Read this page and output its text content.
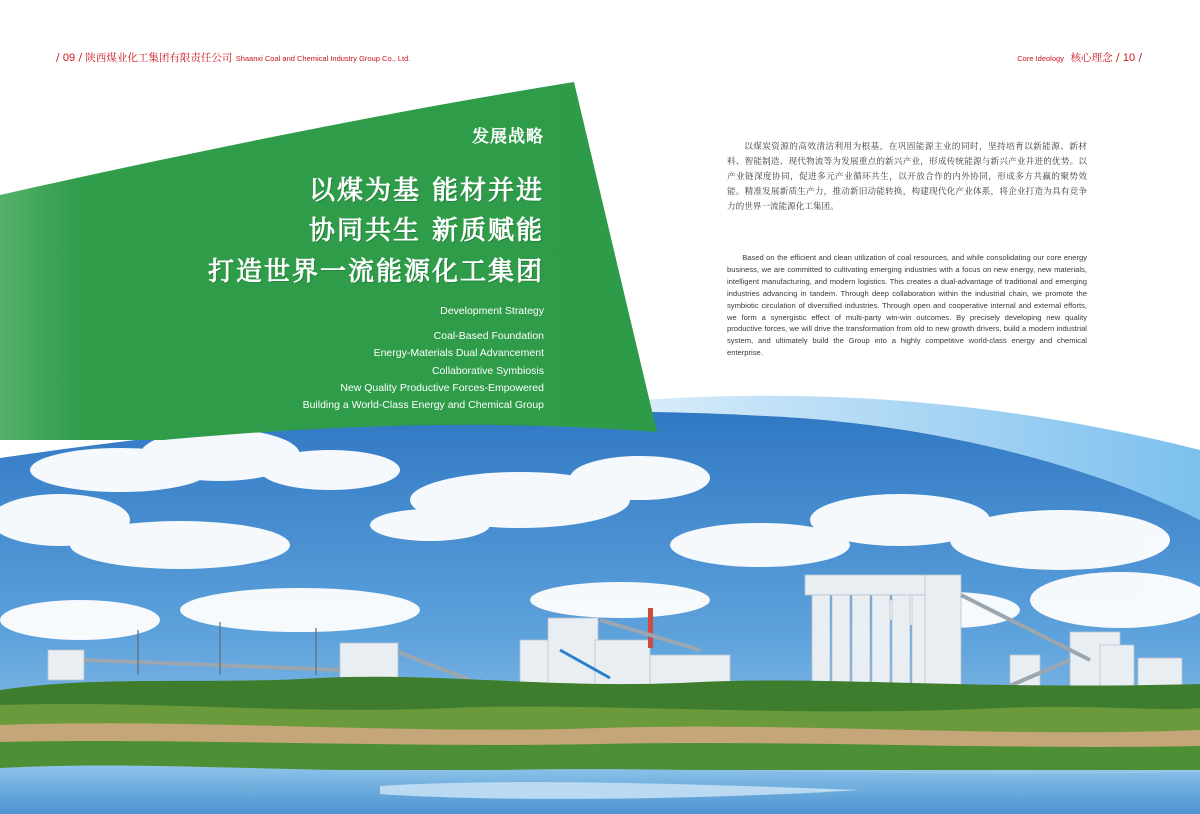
/ 09 / 陕西煤业化工集团有限责任公司 Shaanxi Coal and Chemical Industry Group Co., Ltd.	Core Ideology 核心理念 / 10 /
发展战略
以煤为基 能材并进
协同共生 新质赋能
打造世界一流能源化工集团
Development Strategy
Coal-Based Foundation
Energy-Materials Dual Advancement
Collaborative Symbiosis
New Quality Productive Forces-Empowered
Building a World-Class Energy and Chemical Group
以煤炭资源的高效清洁利用为根基，在巩固能源主业的同时，坚持培育以新能源、新材料、智能制造、现代物流等为发展重点的新兴产业，形成传统能源与新兴产业并进的优势。以产业链深度协同，促进多元产业循环共生，以开放合作的内外协同，形成多方共赢的聚势效能。精准发展新质生产力，推动新旧动能转换，构建现代化产业体系，将企业打造为具有竞争力的世界一流能源化工集团。
Based on the efficient and clean utilization of coal resources, and while consolidating our core energy business, we are committed to cultivating emerging industries with a focus on new energy, new materials, intelligent manufacturing, and modern logistics. This creates a dual-advantage of traditional and emerging industries advancing in tandem. Through deep collaboration within the industrial chain, we promote the symbiotic circulation of diversified industries. Through open and cooperative internal and external efforts, we form a synergistic effect of multi-party win-win outcomes. By precisely developing new quality productive forces, we will drive the transformation from old to new growth drivers, build a modern industrial system, and ultimately build the Group into a highly competitive world-class energy and chemical enterprise.
